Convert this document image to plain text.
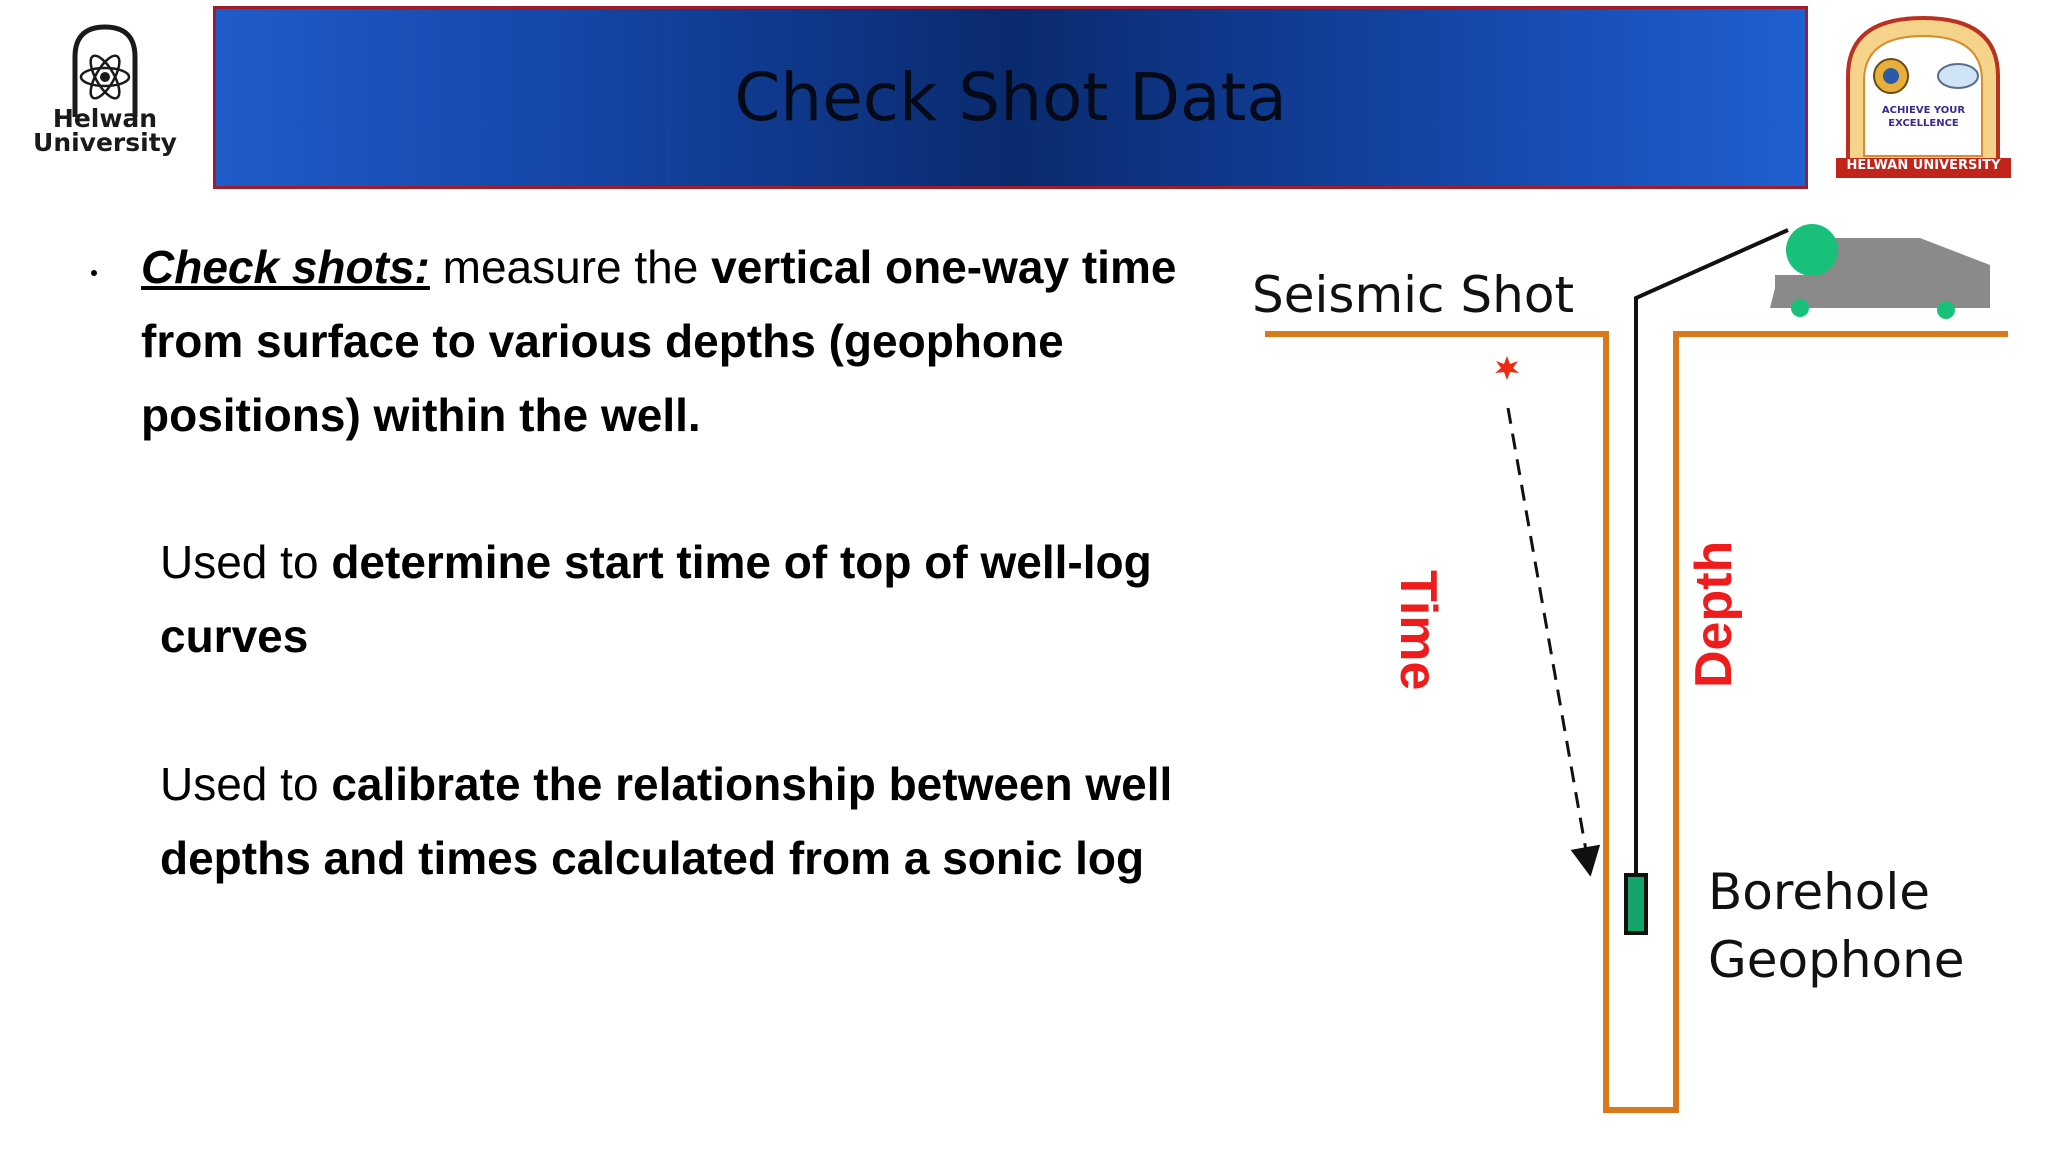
Helwan
University
Check Shot Data	ACHIEVE YOUR EXCELLENCE
HELWAN UNIVERSITY
Check shots: measure the vertical one-way time from surface to various depths (geophone positions) within the well.
Used to determine start time of top of well-log curves
Used to calibrate the relationship between well depths and times calculated from a sonic log
Seismic Shot
Time	Depth
Borehole
Geophone
